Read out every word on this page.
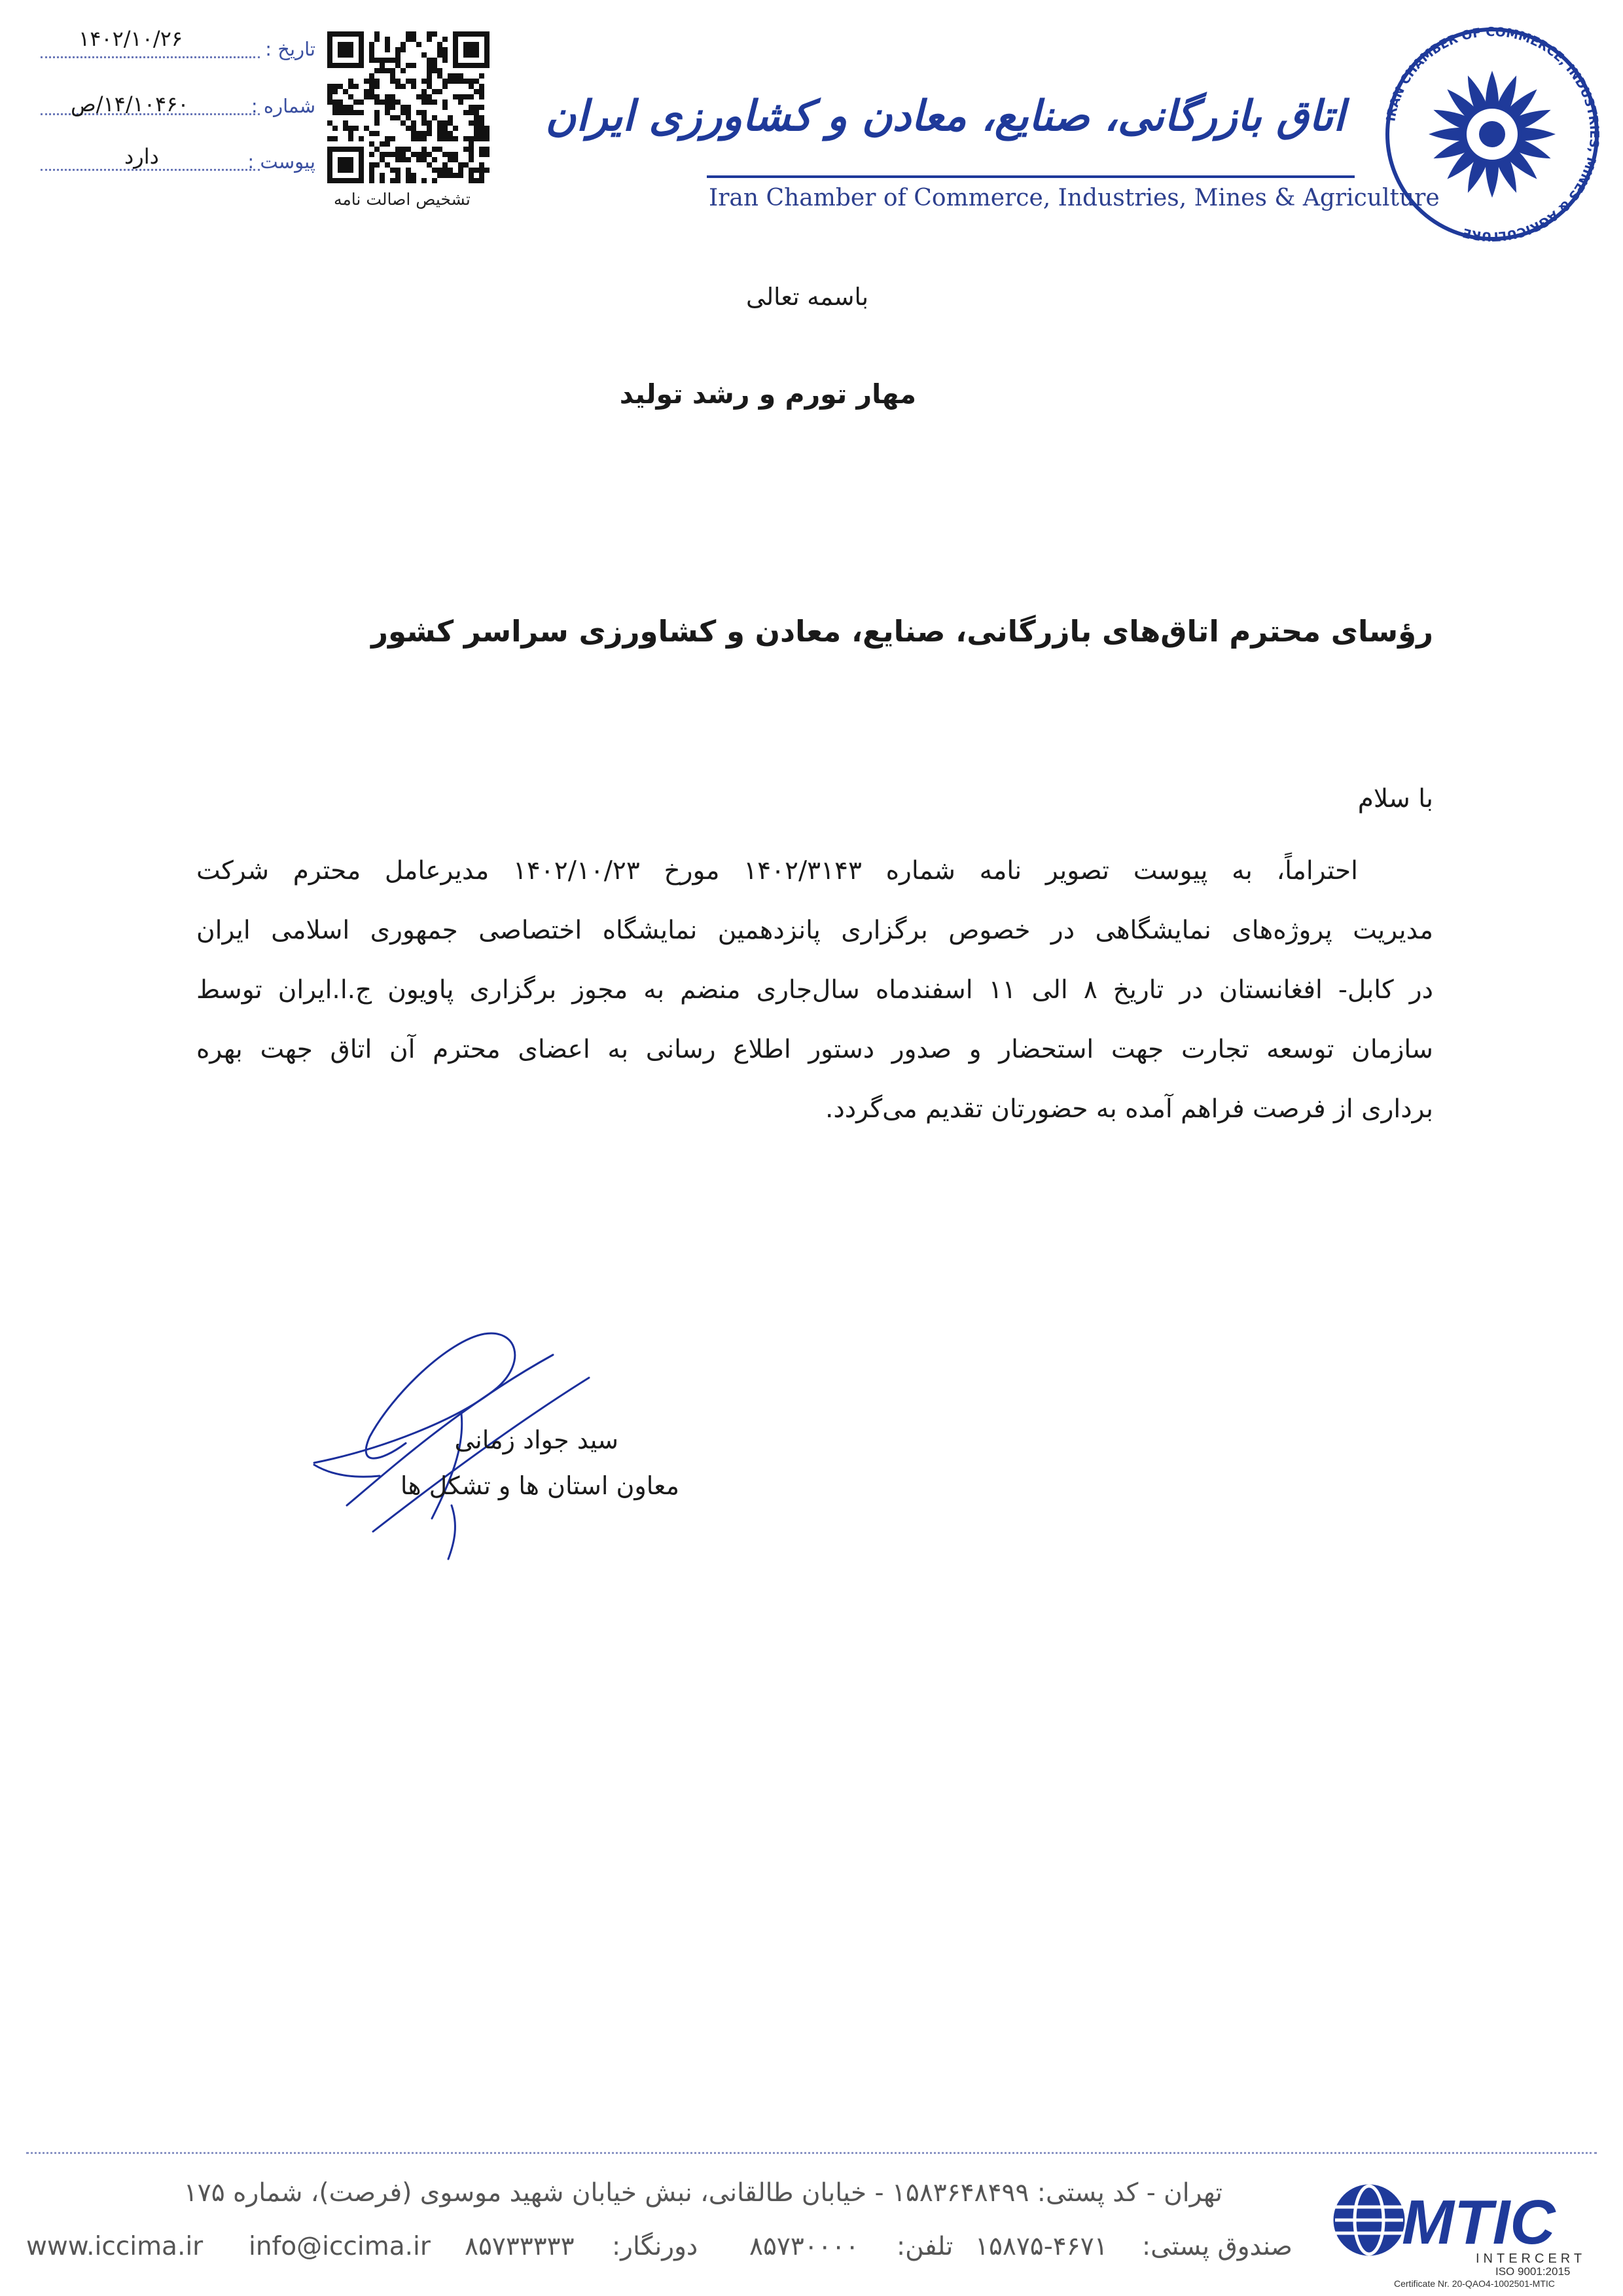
تاریخ :
۱۴۰۲/۱۰/۲۶
شماره :
۱۴/۱۰۴۶۰/ص
پیوست :
دارد
تشخیص اصالت نامه
اتاق بازرگانی، صنایع، معادن و کشاورزی ایران
Iran Chamber of Commerce, Industries, Mines & Agriculture
IRAN CHAMBER OF COMMERCE, INDUSTRIES, MINES & AGRICULTURE
باسمه تعالی
مهار تورم و رشد تولید
رؤسای محترم اتاق‌های بازرگانی، صنایع، معادن و کشاورزی سراسر کشور
با سلام

احتراماً، به پیوست تصویر نامه شماره ۱۴۰۲/۳۱۴۳ مورخ ۱۴۰۲/۱۰/۲۳ مدیرعامل محترم شرکت

مدیریت پروژه‌های نمایشگاهی در خصوص برگزاری پانزدهمین نمایشگاه اختصاصی جمهوری اسلامی ایران

در کابل- افغانستان در تاریخ ۸ الی ۱۱ اسفندماه سال‌جاری منضم به مجوز برگزاری پاویون ج.ا.ایران توسط

سازمان توسعه تجارت جهت استحضار و صدور دستور اطلاع رسانی به اعضای محترم آن اتاق جهت بهره

برداری از فرصت فراهم آمده به حضورتان تقدیم می‌گردد.

سید جواد زمانی
معاون استان ها و تشکل ها
تهران - کد پستی: ۱۵۸۳۶۴۸۴۹۹ - خیابان طالقانی، نبش خیابان شهید موسوی (فرصت)، شماره ۱۷۵
www.iccima.ir info@iccima.ir ۸۵۷۳۳۳۳۳ دورنگار: ۸۵۷۳۰۰۰۰ تلفن: ۱۵۸۷۵-۴۶۷۱ صندوق پستی: MTIC
INTERCERT
ISO 9001:2015
Certificate Nr. 20-QAO4-1002501-MTIC
